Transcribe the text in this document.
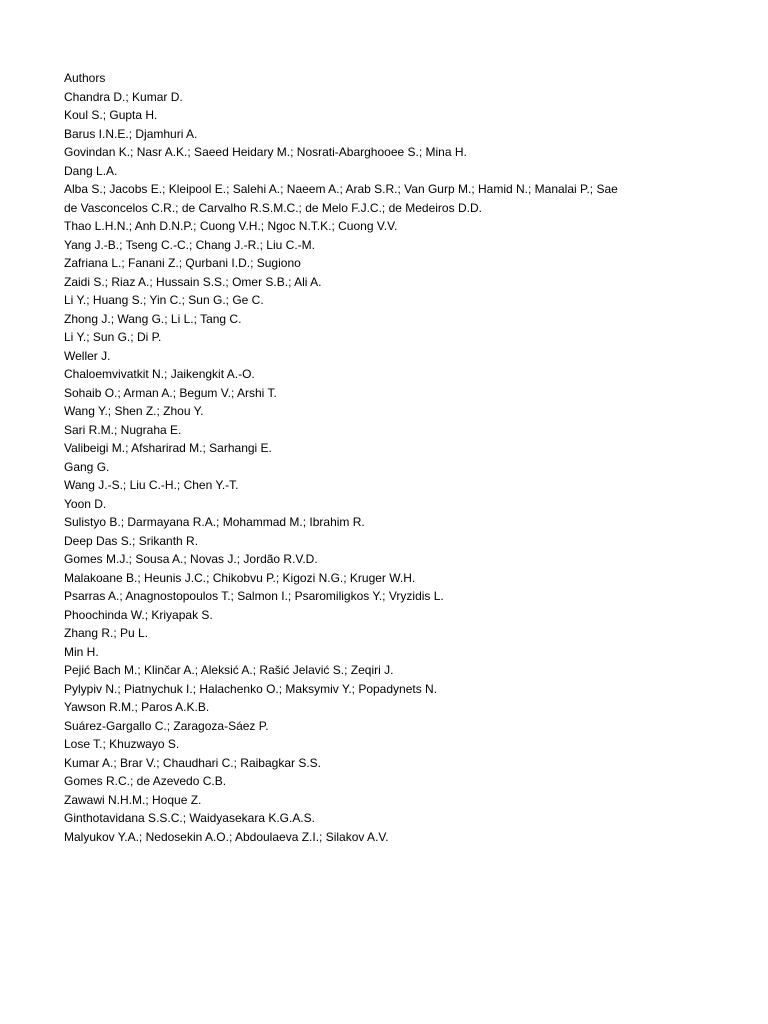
Authors
Chandra D.; Kumar D.
Koul S.; Gupta H.
Barus I.N.E.; Djamhuri A.
Govindan K.; Nasr A.K.; Saeed Heidary M.; Nosrati-Abarghooee S.; Mina H.
Dang L.A.
Alba S.; Jacobs E.; Kleipool E.; Salehi A.; Naeem A.; Arab S.R.; Van Gurp M.; Hamid N.; Manalai P.; Sae
de Vasconcelos C.R.; de Carvalho R.S.M.C.; de Melo F.J.C.; de Medeiros D.D.
Thao L.H.N.; Anh D.N.P.; Cuong V.H.; Ngoc N.T.K.; Cuong V.V.
Yang J.-B.; Tseng C.-C.; Chang J.-R.; Liu C.-M.
Zafriana L.; Fanani Z.; Qurbani I.D.; Sugiono
Zaidi S.; Riaz A.; Hussain S.S.; Omer S.B.; Ali A.
Li Y.; Huang S.; Yin C.; Sun G.; Ge C.
Zhong J.; Wang G.; Li L.; Tang C.
Li Y.; Sun G.; Di P.
Weller J.
Chaloemvivatkit N.; Jaikengkit A.-O.
Sohaib O.; Arman A.; Begum V.; Arshi T.
Wang Y.; Shen Z.; Zhou Y.
Sari R.M.; Nugraha E.
Valibeigi M.; Afsharirad M.; Sarhangi E.
Gang G.
Wang J.-S.; Liu C.-H.; Chen Y.-T.
Yoon D.
Sulistyo B.; Darmayana R.A.; Mohammad M.; Ibrahim R.
Deep Das S.; Srikanth R.
Gomes M.J.; Sousa A.; Novas J.; Jordão R.V.D.
Malakoane B.; Heunis J.C.; Chikobvu P.; Kigozi N.G.; Kruger W.H.
Psarras A.; Anagnostopoulos T.; Salmon I.; Psaromiligkos Y.; Vryzidis L.
Phoochinda W.; Kriyapak S.
Zhang R.; Pu L.
Min H.
Pejić Bach M.; Klinčar A.; Aleksić A.; Rašić Jelavić S.; Zeqiri J.
Pylypiv N.; Piatnychuk I.; Halachenko O.; Maksymiv Y.; Popadynets N.
Yawson R.M.; Paros A.K.B.
Suárez-Gargallo C.; Zaragoza-Sáez P.
Lose T.; Khuzwayo S.
Kumar A.; Brar V.; Chaudhari C.; Raibagkar S.S.
Gomes R.C.; de Azevedo C.B.
Zawawi N.H.M.; Hoque Z.
Ginthotavidana S.S.C.; Waidyasekara K.G.A.S.
Malyukov Y.A.; Nedosekin A.O.; Abdoulaeva Z.I.; Silakov A.V.
